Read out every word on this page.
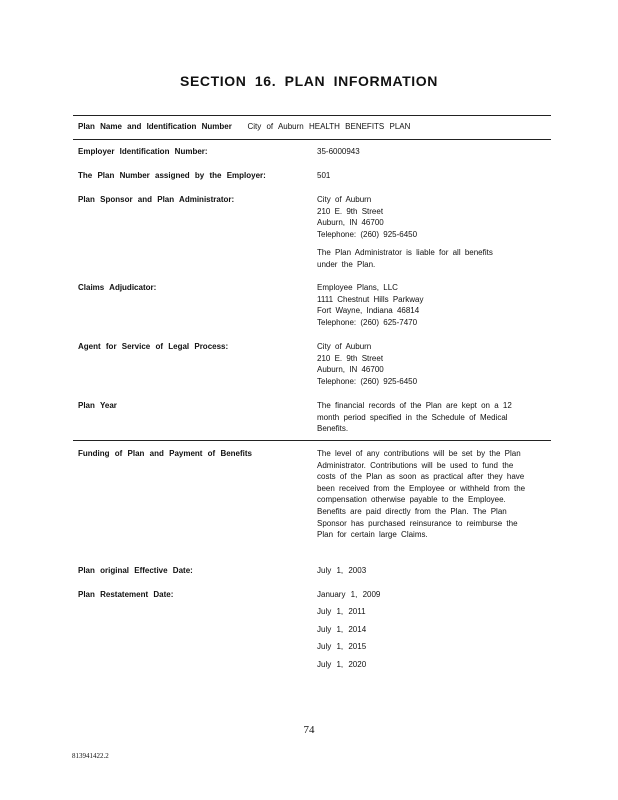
SECTION 16. PLAN INFORMATION
Plan Name and Identification Number City of Auburn HEALTH BENEFITS PLAN
Employer Identification Number:	35-6000943
The Plan Number assigned by the Employer:	501
Plan Sponsor and Plan Administrator:	City of Auburn
210 E. 9th Street
Auburn, IN 46700
Telephone: (260) 925-6450
The Plan Administrator is liable for all benefits under the Plan.
Claims Adjudicator:	Employee Plans, LLC
1111 Chestnut Hills Parkway
Fort Wayne, Indiana 46814
Telephone: (260) 625-7470
Agent for Service of Legal Process:	City of Auburn
210 E. 9th Street
Auburn, IN 46700
Telephone: (260) 925-6450
Plan Year	The financial records of the Plan are kept on a 12 month period specified in the Schedule of Medical Benefits.
Funding of Plan and Payment of Benefits	The level of any contributions will be set by the Plan Administrator. Contributions will be used to fund the costs of the Plan as soon as practical after they have been received from the Employee or withheld from the compensation otherwise payable to the Employee. Benefits are paid directly from the Plan. The Plan Sponsor has purchased reinsurance to reimburse the Plan for certain large Claims.
Plan original Effective Date:	July 1, 2003
Plan Restatement Date:	January 1, 2009
July 1, 2011
July 1, 2014
July 1, 2015
July 1, 2020
74
813941422.2
